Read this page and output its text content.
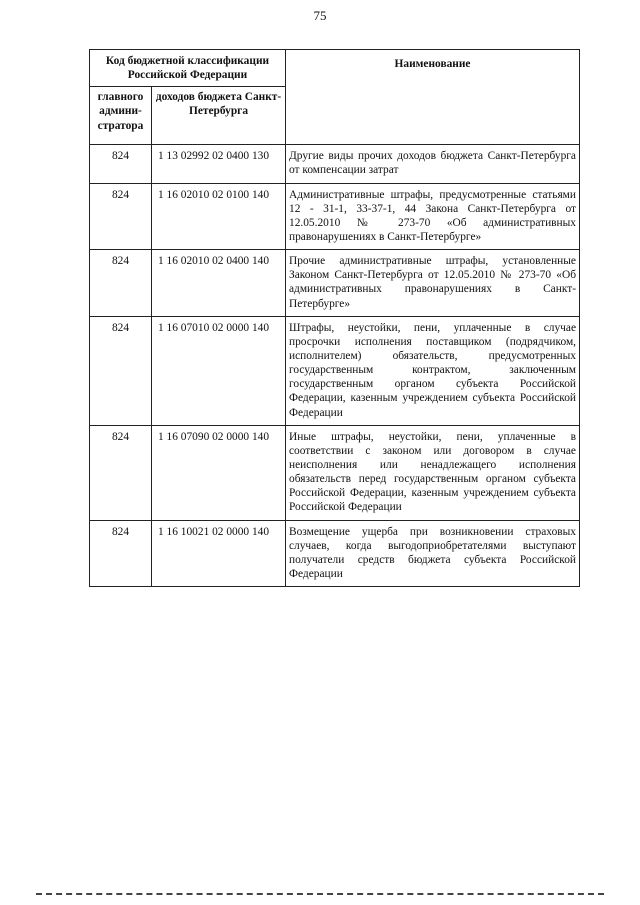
75
Код бюджетной классификации Российской Федерации		Наименование
главного админи- стратора	доходов бюджета Санкт-Петербурга	
824	1 13 02992 02 0400 130	Другие виды прочих доходов бюджета Санкт-Петербурга от компенсации затрат
824	1 16 02010 02 0100 140	Административные штрафы, предусмотренные статьями 12 - 31-1, 33-37-1, 44 Закона Санкт-Петербурга от 12.05.2010 № 273-70 «Об административных правонарушениях в Санкт-Петербурге»
824	1 16 02010 02 0400 140	Прочие административные штрафы, установленные Законом Санкт-Петербурга от 12.05.2010 № 273-70 «Об административных правонарушениях в Санкт-Петербурге»
824	1 16 07010 02 0000 140	Штрафы, неустойки, пени, уплаченные в случае просрочки исполнения поставщиком (подрядчиком, исполнителем) обязательств, предусмотренных государственным контрактом, заключенным государственным органом субъекта Российской Федерации, казенным учреждением субъекта Российской Федерации
824	1 16 07090 02 0000 140	Иные штрафы, неустойки, пени, уплаченные в соответствии с законом или договором в случае неисполнения или ненадлежащего исполнения обязательств перед государственным органом субъекта Российской Федерации, казенным учреждением субъекта Российской Федерации
824	1 16 10021 02 0000 140	Возмещение ущерба при возникновении страховых случаев, когда выгодоприобретателями выступают получатели средств бюджета субъекта Российской Федерации
